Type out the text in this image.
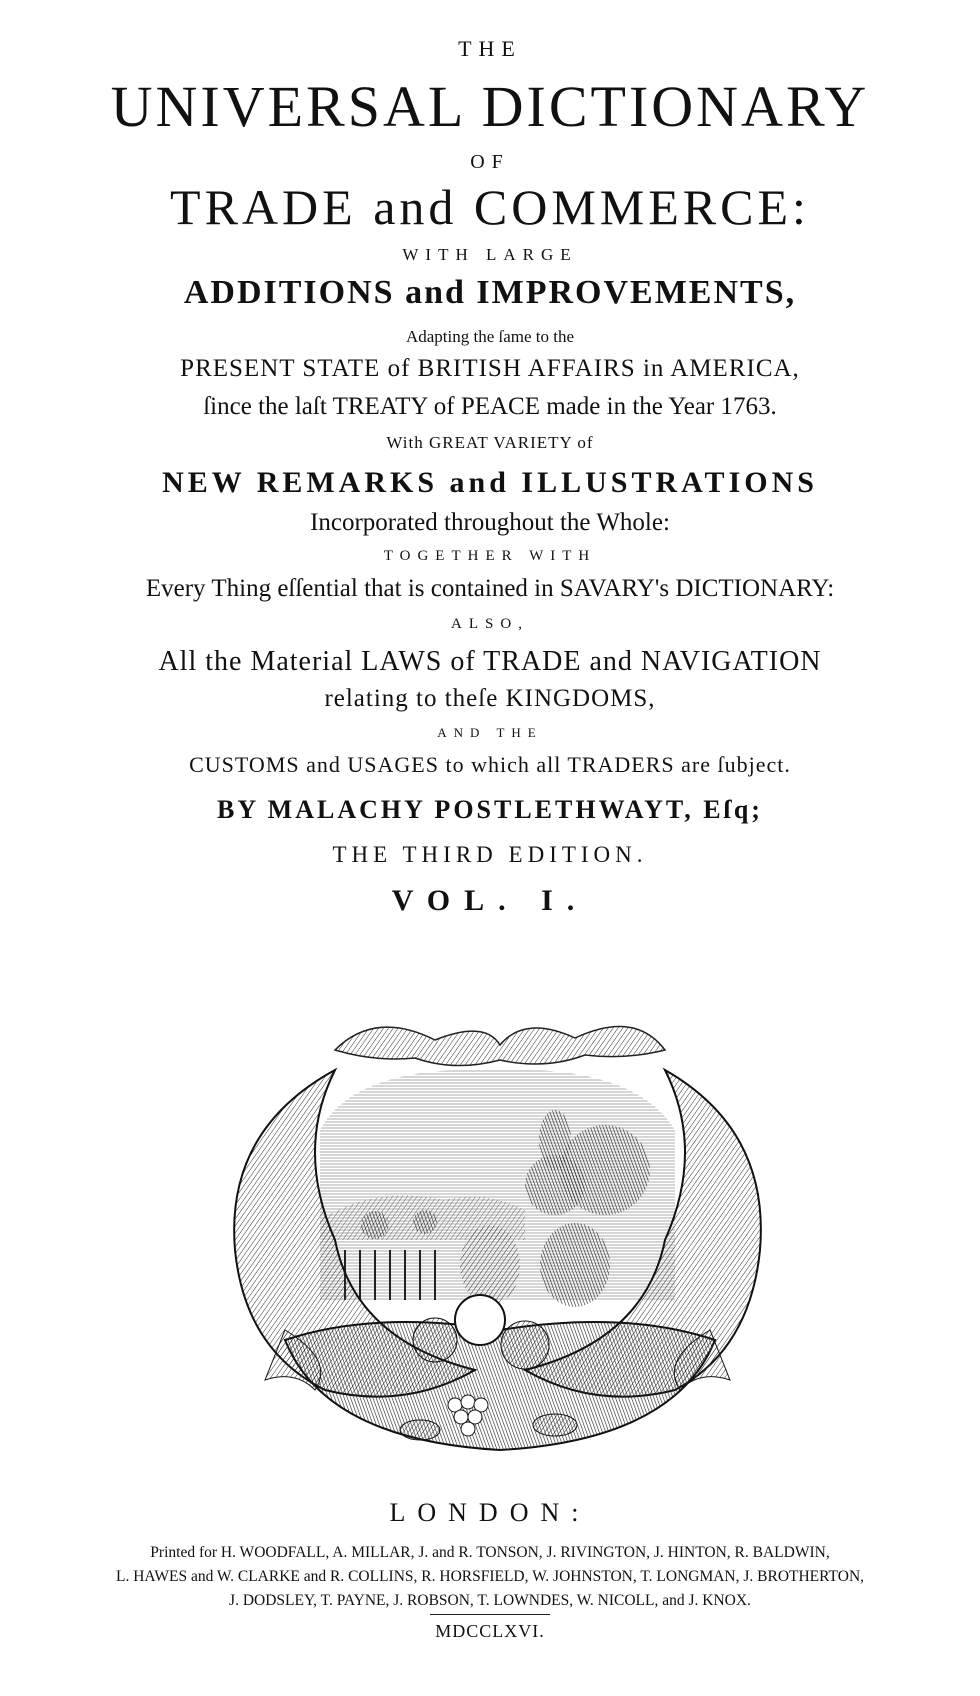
THE
UNIVERSAL DICTIONARY
OF
TRADE and COMMERCE:
WITH LARGE
ADDITIONS and IMPROVEMENTS,
Adapting the ſame to the
PRESENT STATE of BRITISH AFFAIRS in AMERICA,
ſince the laſt TREATY of PEACE made in the Year 1763.
With GREAT VARIETY of
NEW REMARKS and ILLUSTRATIONS
Incorporated throughout the Whole:
TOGETHER WITH
Every Thing eſſential that is contained in SAVARY's DICTIONARY:
ALSO,
All the Material LAWS of TRADE and NAVIGATION
relating to theſe KINGDOMS,
AND THE
CUSTOMS and USAGES to which all TRADERS are ſubject.
BY MALACHY POSTLETHWAYT, Eſq;
THE THIRD EDITION.
VOL. I.
LONDON:
Printed for H. WOODFALL, A. MILLAR, J. and R. TONSON, J. RIVINGTON, J. HINTON, R. BALDWIN,
L. HAWES and W. CLARKE and R. COLLINS, R. HORSFIELD, W. JOHNSTON, T. LONGMAN, J. BROTHERTON,
J. DODSLEY, T. PAYNE, J. ROBSON, T. LOWNDES, W. NICOLL, and J. KNOX.
MDCCLXVI.
